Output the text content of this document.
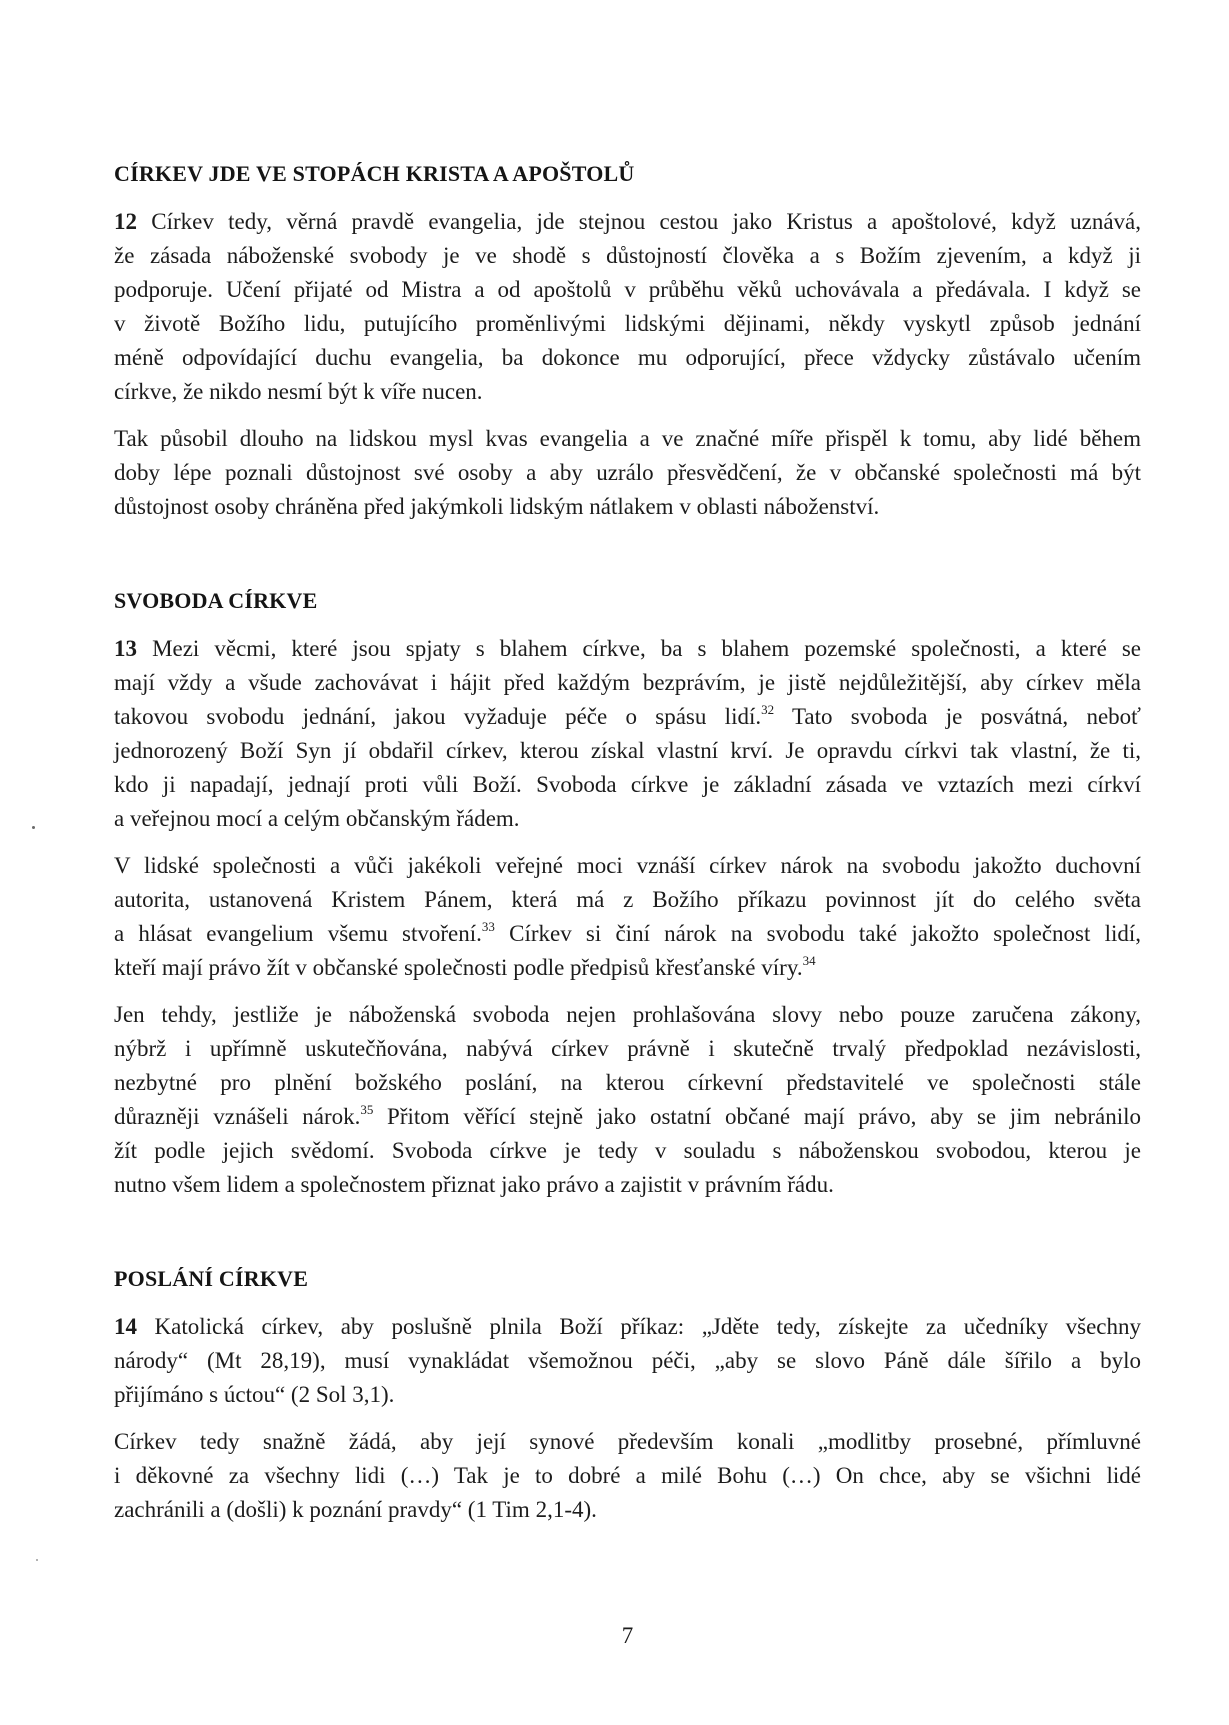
CÍRKEV JDE VE STOPÁCH KRISTA A APOŠTOLŮ
12 Církev tedy, věrná pravdě evangelia, jde stejnou cestou jako Kristus a apoštolové, když uznává,
že zásada náboženské svobody je ve shodě s důstojností člověka a s Božím zjevením, a když ji
podporuje. Učení přijaté od Mistra a od apoštolů v průběhu věků uchovávala a předávala. I když se
v životě Božího lidu, putujícího proměnlivými lidskými dějinami, někdy vyskytl způsob jednání
méně odpovídající duchu evangelia, ba dokonce mu odporující, přece vždycky zůstávalo učením
církve, že nikdo nesmí být k víře nucen.
Tak působil dlouho na lidskou mysl kvas evangelia a ve značné míře přispěl k tomu, aby lidé během
doby lépe poznali důstojnost své osoby a aby uzrálo přesvědčení, že v občanské společnosti má být
důstojnost osoby chráněna před jakýmkoli lidským nátlakem v oblasti náboženství.
SVOBODA CÍRKVE
13 Mezi věcmi, které jsou spjaty s blahem církve, ba s blahem pozemské společnosti, a které se
mají vždy a všude zachovávat i hájit před každým bezprávím, je jistě nejdůležitější, aby církev měla
takovou svobodu jednání, jakou vyžaduje péče o spásu lidí.$^{32}$ Tato svoboda je posvátná, neboť
jednorozený Boží Syn jí obdařil církev, kterou získal vlastní krví. Je opravdu církvi tak vlastní, že ti,
kdo ji napadají, jednají proti vůli Boží. Svoboda církve je základní zásada ve vztazích mezi církví
a veřejnou mocí a celým občanským řádem.
V lidské společnosti a vůči jakékoli veřejné moci vznáší církev nárok na svobodu jakožto duchovní
autorita, ustanovená Kristem Pánem, která má z Božího příkazu povinnost jít do celého světa
a hlásat evangelium všemu stvoření.$^{33}$ Církev si činí nárok na svobodu také jakožto společnost lidí,
kteří mají právo žít v občanské společnosti podle předpisů křesťanské víry.$^{34}$
Jen tehdy, jestliže je náboženská svoboda nejen prohlašována slovy nebo pouze zaručena zákony,
nýbrž i upřímně uskutečňována, nabývá církev právně i skutečně trvalý předpoklad nezávislosti,
nezbytné pro plnění božského poslání, na kterou církevní představitelé ve společnosti stále
důrazněji vznášeli nárok.$^{35}$ Přitom věřící stejně jako ostatní občané mají právo, aby se jim nebránilo
žít podle jejich svědomí. Svoboda církve je tedy v souladu s náboženskou svobodou, kterou je
nutno všem lidem a společnostem přiznat jako právo a zajistit v právním řádu.
POSLÁNÍ CÍRKVE
14 Katolická církev, aby poslušně plnila Boží příkaz: „Jděte tedy, získejte za učedníky všechny
národy“ (Mt 28,19), musí vynakládat všemožnou péči, „aby se slovo Páně dále šířilo a bylo
přijímáno s úctou“ (2 Sol 3,1).
Církev tedy snažně žádá, aby její synové především konali „modlitby prosebné, přímluvné
i děkovné za všechny lidi (…) Tak je to dobré a milé Bohu (…) On chce, aby se všichni lidé
zachránili a (došli) k poznání pravdy“ (1 Tim 2,1-4).
7
